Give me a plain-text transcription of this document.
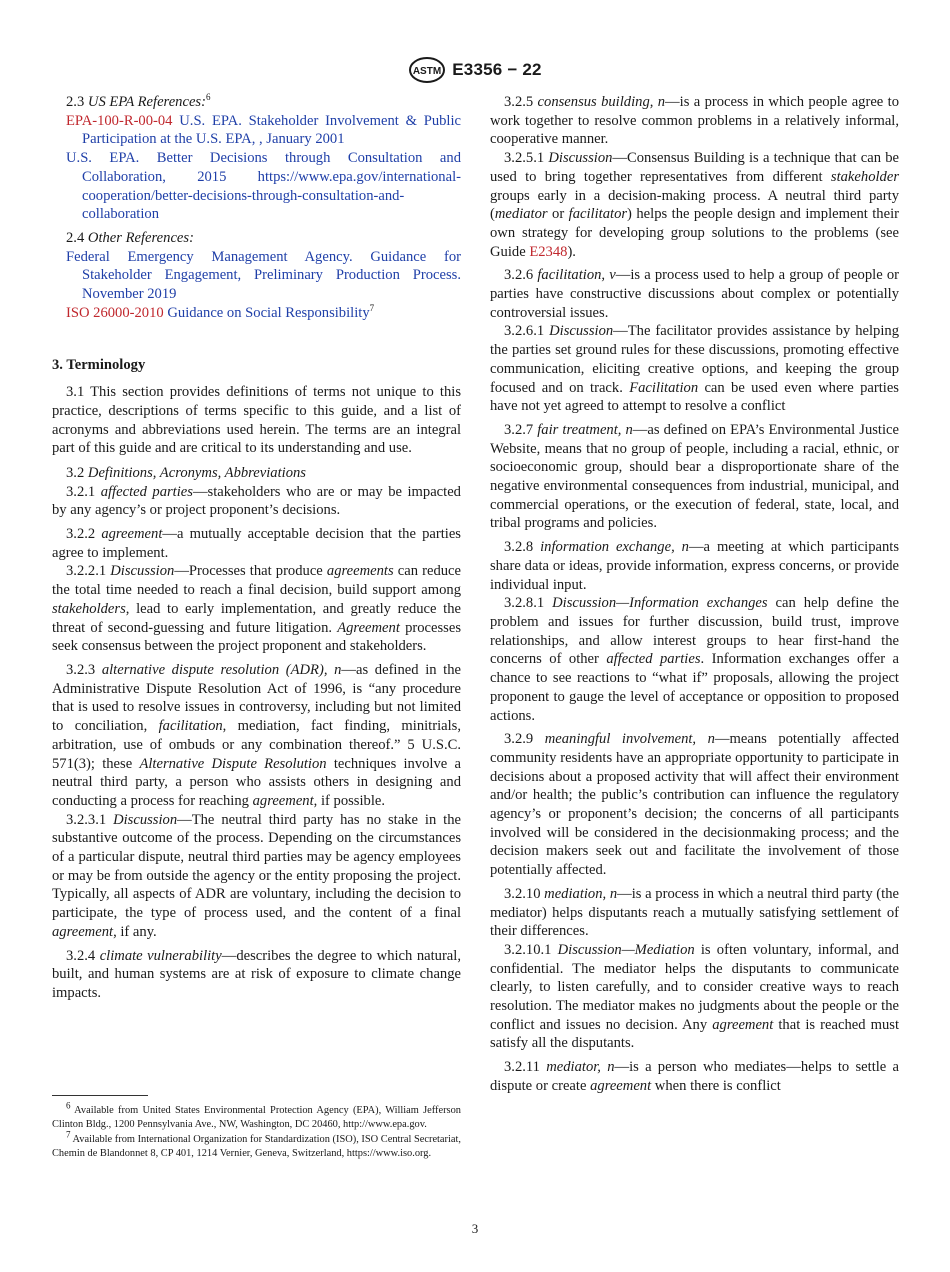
ASTM E3356 − 22

2.3 US EPA References:$^6$

EPA-100-R-00-04 U.S. EPA. Stakeholder Involvement & Public Participation at the U.S. EPA, , January 2001

U.S. EPA. Better Decisions through Consultation and Collaboration, 2015 https://www.epa.gov/international-cooperation/better-decisions-through-consultation-and-collaboration

2.4 Other References:

Federal Emergency Management Agency. Guidance for Stakeholder Engagement, Preliminary Production Process. November 2019

ISO 26000-2010 Guidance on Social Responsibility$^7$

3. Terminology

3.1 This section provides definitions of terms not unique to this practice, descriptions of terms specific to this guide, and a list of acronyms and abbreviations used herein. The terms are an integral part of this guide and are critical to its understanding and use.

3.2 Definitions, Acronyms, Abbreviations

3.2.1 affected parties—stakeholders who are or may be impacted by any agency’s or project proponent’s decisions.

3.2.2 agreement—a mutually acceptable decision that the parties agree to implement.

3.2.2.1 Discussion—Processes that produce agreements can reduce the total time needed to reach a final decision, build support among stakeholders, lead to early implementation, and greatly reduce the threat of second-guessing and future litigation. Agreement processes seek consensus between the project proponent and stakeholders.

3.2.3 alternative dispute resolution (ADR), n—as defined in the Administrative Dispute Resolution Act of 1996, is “any procedure that is used to resolve issues in controversy, including but not limited to conciliation, facilitation, mediation, fact finding, minitrials, arbitration, use of ombuds or any combination thereof.” 5 U.S.C. 571(3); these Alternative Dispute Resolution techniques involve a neutral third party, a person who assists others in designing and conducting a process for reaching agreement, if possible.

3.2.3.1 Discussion—The neutral third party has no stake in the substantive outcome of the process. Depending on the circumstances of a particular dispute, neutral third parties may be agency employees or may be from outside the agency or the entity proposing the project. Typically, all aspects of ADR are voluntary, including the decision to participate, the type of process used, and the content of a final agreement, if any.

3.2.4 climate vulnerability—describes the degree to which natural, built, and human systems are at risk of exposure to climate change impacts.

$^6$ Available from United States Environmental Protection Agency (EPA), William Jefferson Clinton Bldg., 1200 Pennsylvania Ave., NW, Washington, DC 20460, http://www.epa.gov.

$^7$ Available from International Organization for Standardization (ISO), ISO Central Secretariat, Chemin de Blandonnet 8, CP 401, 1214 Vernier, Geneva, Switzerland, https://www.iso.org.

3.2.5 consensus building, n—is a process in which people agree to work together to resolve common problems in a relatively informal, cooperative manner.

3.2.5.1 Discussion—Consensus Building is a technique that can be used to bring together representatives from different stakeholder groups early in a decision-making process. A neutral third party (mediator or facilitator) helps the people design and implement their own strategy for developing group solutions to the problems (see Guide E2348).

3.2.6 facilitation, v—is a process used to help a group of people or parties have constructive discussions about complex or potentially controversial issues.

3.2.6.1 Discussion—The facilitator provides assistance by helping the parties set ground rules for these discussions, promoting effective communication, eliciting creative options, and keeping the group focused and on track. Facilitation can be used even where parties have not yet agreed to attempt to resolve a conflict

3.2.7 fair treatment, n—as defined on EPA’s Environmental Justice Website, means that no group of people, including a racial, ethnic, or socioeconomic group, should bear a disproportionate share of the negative environmental consequences from industrial, municipal, and commercial operations, or the execution of federal, state, local, and tribal programs and policies.

3.2.8 information exchange, n—a meeting at which participants share data or ideas, provide information, express concerns, or provide individual input.

3.2.8.1 Discussion—Information exchanges can help define the problem and issues for further discussion, build trust, improve relationships, and allow interest groups to hear first-hand the concerns of other affected parties. Information exchanges offer a chance to see reactions to “what if” proposals, allowing the project proponent to gauge the level of acceptance or opposition to proposed actions.

3.2.9 meaningful involvement, n—means potentially affected community residents have an appropriate opportunity to participate in decisions about a proposed activity that will affect their environment and/or health; the public’s contribution can influence the regulatory agency’s or proponent’s decision; the concerns of all participants involved will be considered in the decisionmaking process; and the decision makers seek out and facilitate the involvement of those potentially affected.

3.2.10 mediation, n—is a process in which a neutral third party (the mediator) helps disputants reach a mutually satisfying settlement of their differences.

3.2.10.1 Discussion—Mediation is often voluntary, informal, and confidential. The mediator helps the disputants to communicate clearly, to listen carefully, and to consider creative ways to reach resolution. The mediator makes no judgments about the people or the conflict and issues no decision. Any agreement that is reached must satisfy all the disputants.

3.2.11 mediator, n—is a person who mediates—helps to settle a dispute or create agreement when there is conflict

3
